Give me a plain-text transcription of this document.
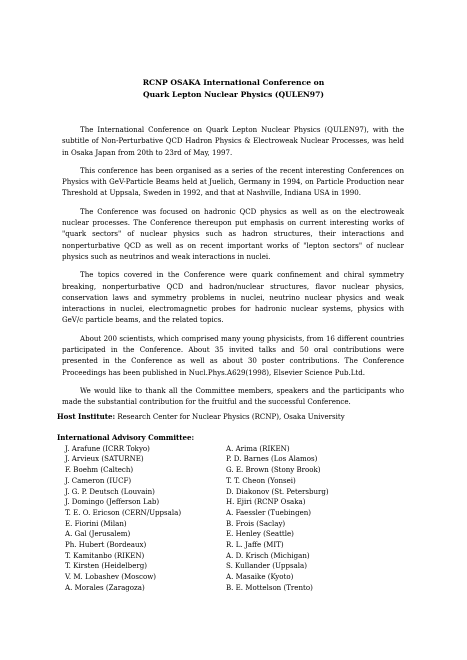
RCNP OSAKA International Conference on
Quark Lepton Nuclear Physics (QULEN97)

The International Conference on Quark Lepton Nuclear Physics (QULEN97), with the subtitle of Non-Perturbative QCD Hadron Physics & Electroweak Nuclear Processes, was held in Osaka Japan from 20th to 23rd of May, 1997.

This conference has been organised as a series of the recent interesting Conferences on Physics with GeV-Particle Beams held at Juelich, Germany in 1994, on Particle Production near Threshold at Uppsala, Sweden in 1992, and that at Nashville, Indiana USA in 1990.

The Conference was focused on hadronic QCD physics as well as on the electroweak nuclear processes. The Conference thereupon put emphasis on current interesting works of "quark sectors" of nuclear physics such as hadron structures, their interactions and nonperturbative QCD as well as on recent important works of "lepton sectors" of nuclear physics such as neutrinos and weak interactions in nuclei.

The topics covered in the Conference were quark confinement and chiral symmetry breaking, nonperturbative QCD and hadron/nuclear structures, flavor nuclear physics, conservation laws and symmetry problems in nuclei, neutrino nuclear physics and weak interactions in nuclei, electromagnetic probes for hadronic nuclear systems, physics with GeV/c particle beams, and the related topics.

About 200 scientists, which comprised many young physicists, from 16 different countries participated in the Conference. About 35 invited talks and 50 oral contributions were presented in the Conference as well as about 30 poster contributions. The Conference Proceedings has been published in Nucl.Phys.A629(1998), Elsevier Science Pub.Ltd.

We would like to thank all the Committee members, speakers and the participants who made the substantial contribution for the fruitful and the successful Conference.

Host Institute: Research Center for Nuclear Physics (RCNP), Osaka University
International Advisory Committee:
J. Arafune (ICRR Tokyo)
J. Arvieux (SATURNE)
F. Boehm (Caltech)
J. Cameron (IUCF)
J. G. P. Deutsch (Louvain)
J. Domingo (Jefferson Lab)
T. E. O. Ericson (CERN/Uppsala)
E. Fiorini (Milan)
A. Gal (Jerusalem)
Ph. Hubert (Bordeaux)
T. Kamitanbo (RIKEN)
T. Kirsten (Heidelberg)
V. M. Lobashev (Moscow)
A. Morales (Zaragoza)
A. Arima (RIKEN)
P. D. Barnes (Los Alamos)
G. E. Brown (Stony Brook)
T. T. Cheon (Yonsei)
D. Diakonov (St. Petersburg)
H. Ejiri (RCNP Osaka)
A. Faessler (Tuebingen)
B. Frois (Saclay)
E. Henley (Seattle)
R. L. Jaffe (MIT)
A. D. Krisch (Michigan)
S. Kullander (Uppsala)
A. Masaike (Kyoto)
B. E. Mottelson (Trento)
